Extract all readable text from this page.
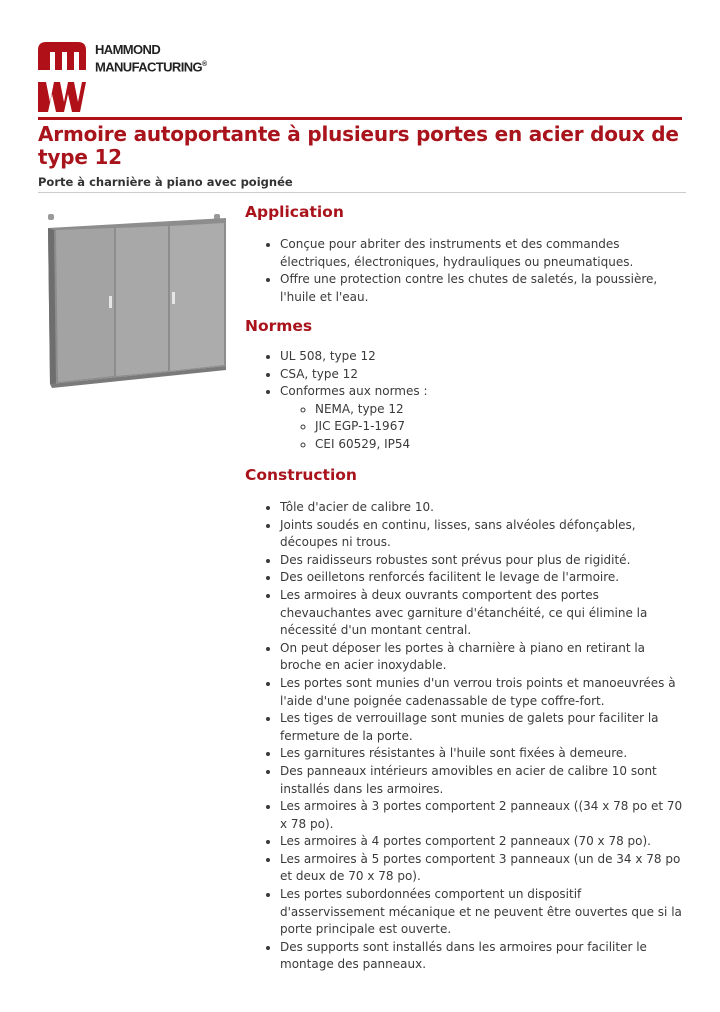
HAMMOND
MANUFACTURING®
Armoire autoportante à plusieurs portes en acier doux de type 12
Porte à charnière à piano avec poignée
Application
• Conçue pour abriter des instruments et des commandes électriques, électroniques, hydrauliques ou pneumatiques.
• Offre une protection contre les chutes de saletés, la poussière, l'huile et l'eau.
Normes
• UL 508, type 12
• CSA, type 12
• Conformes aux normes :
◦ NEMA, type 12
◦ JIC EGP-1-1967
◦ CEI 60529, IP54
Construction
• Tôle d'acier de calibre 10.
• Joints soudés en continu, lisses, sans alvéoles défonçables, découpes ni trous.
• Des raidisseurs robustes sont prévus pour plus de rigidité.
• Des oeilletons renforcés facilitent le levage de l'armoire.
• Les armoires à deux ouvrants comportent des portes chevauchantes avec garniture d'étanchéité, ce qui élimine la nécessité d'un montant central.
• On peut déposer les portes à charnière à piano en retirant la broche en acier inoxydable.
• Les portes sont munies d'un verrou trois points et manoeuvrées à l'aide d'une poignée cadenassable de type coffre-fort.
• Les tiges de verrouillage sont munies de galets pour faciliter la fermeture de la porte.
• Les garnitures résistantes à l'huile sont fixées à demeure.
• Des panneaux intérieurs amovibles en acier de calibre 10 sont installés dans les armoires.
• Les armoires à 3 portes comportent 2 panneaux ((34 x 78 po et 70 x 78 po).
• Les armoires à 4 portes comportent 2 panneaux (70 x 78 po).
• Les armoires à 5 portes comportent 3 panneaux (un de 34 x 78 po et deux de 70 x 78 po).
• Les portes subordonnées comportent un dispositif d'asservissement mécanique et ne peuvent être ouvertes que si la porte principale est ouverte.
• Des supports sont installés dans les armoires pour faciliter le montage des panneaux.
